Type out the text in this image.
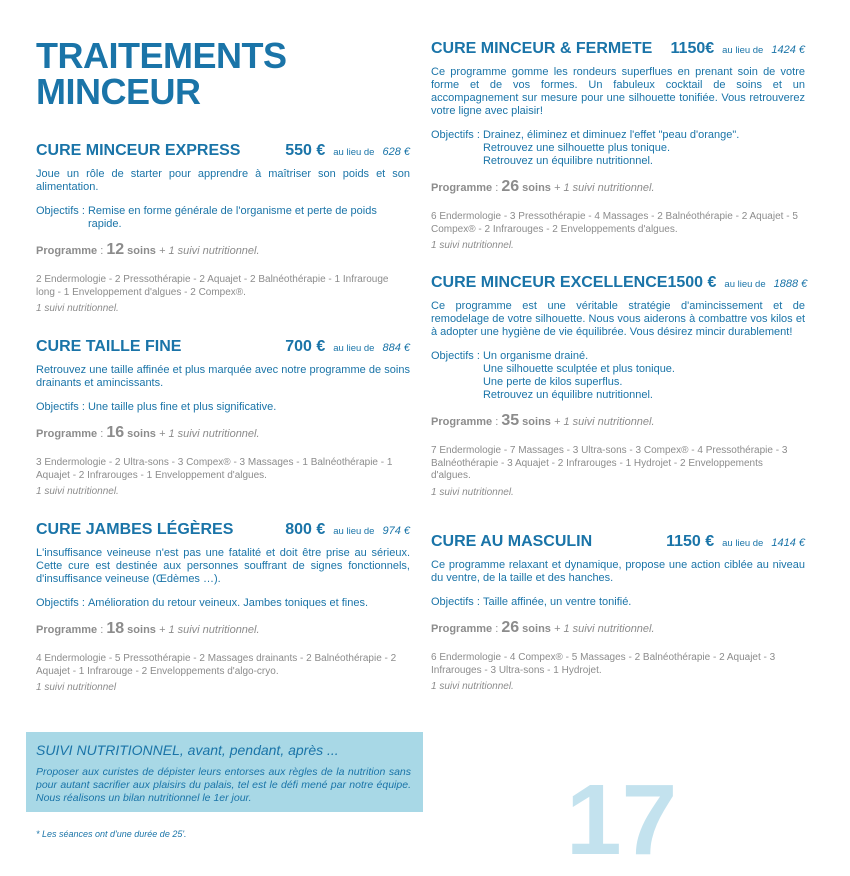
TRAITEMENTS
MINCEUR
CURE MINCEUR EXPRESS	550 € au lieu de 628 €
Joue un rôle de starter pour apprendre à maîtriser son poids et son alimentation.
Objectifs : Remise en forme générale de l'organisme et perte de poids rapide.
Programme : 12 soins + 1 suivi nutritionnel.
2 Endermologie - 2 Pressothérapie - 2 Aquajet - 2 Balnéothérapie - 1 Infrarouge long - 1 Enveloppement d'algues - 2 Compex®.
1 suivi nutritionnel.
CURE TAILLE FINE	700 € au lieu de 884 €
Retrouvez une taille affinée et plus marquée avec notre programme de soins drainants et amincissants.
Objectifs : Une taille plus fine et plus significative.
Programme : 16 soins + 1 suivi nutritionnel.
3 Endermologie - 2 Ultra-sons - 3 Compex® - 3 Massages - 1 Balnéothérapie - 1 Aquajet - 2 Infrarouges - 1 Enveloppement d'algues.
1 suivi nutritionnel.
CURE JAMBES LÉGÈRES	800 € au lieu de 974 €
L'insuffisance veineuse n'est pas une fatalité et doit être prise au sérieux. Cette cure est destinée aux personnes souffrant de signes fonctionnels, d'insuffisance veineuse (Œdèmes …).
Objectifs : Amélioration du retour veineux. Jambes toniques et fines.
Programme : 18 soins + 1 suivi nutritionnel.
4 Endermologie - 5 Pressothérapie - 2 Massages drainants - 2 Balnéothérapie - 2 Aquajet - 1 Infrarouge - 2 Enveloppements d'algo-cryo.
1 suivi nutritionnel
CURE MINCEUR & FERMETE 1150€ au lieu de 1424 €
Ce programme gomme les rondeurs superflues en prenant soin de votre forme et de vos formes. Un fabuleux cocktail de soins et un accompagnement sur mesure pour une silhouette tonifiée. Vous retrouverez votre ligne avec plaisir!
Objectifs : Drainez, éliminez et diminuez l'effet "peau d'orange".
Retrouvez une silhouette plus tonique.
Retrouvez un équilibre nutritionnel.
Programme : 26 soins + 1 suivi nutritionnel.
6 Endermologie - 3 Pressothérapie - 4 Massages - 2 Balnéothérapie - 2 Aquajet - 5 Compex® - 2 Infrarouges - 2 Enveloppements d'algues.
1 suivi nutritionnel.
CURE MINCEUR EXCELLENCE 1500 € au lieu de 1888 €
Ce programme est une véritable stratégie d'amincissement et de remodelage de votre silhouette. Nous vous aiderons à combattre vos kilos et à adopter une hygiène de vie équilibrée. Vous désirez mincir durablement!
Objectifs : Un organisme drainé.
Une silhouette sculptée et plus tonique.
Une perte de kilos superflus.
Retrouvez un équilibre nutritionnel.
Programme : 35 soins + 1 suivi nutritionnel.
7 Endermologie - 7 Massages - 3 Ultra-sons - 3 Compex® - 4 Pressothérapie - 3 Balnéothérapie - 3 Aquajet - 2 Infrarouges - 1 Hydrojet - 2 Enveloppements d'algues.
1 suivi nutritionnel.
CURE AU MASCULIN	1150 € au lieu de 1414 €
Ce programme relaxant et dynamique, propose une action ciblée au niveau du ventre, de la taille et des hanches.
Objectifs : Taille affinée, un ventre tonifié.
Programme : 26 soins + 1 suivi nutritionnel.
6 Endermologie - 4 Compex® - 5 Massages - 2 Balnéothérapie - 2 Aquajet - 3 Infrarouges - 3 Ultra-sons - 1 Hydrojet.
1 suivi nutritionnel.
SUIVI NUTRITIONNEL, avant, pendant, après ...
Proposer aux curistes de dépister leurs entorses aux règles de la nutrition sans pour autant sacrifier aux plaisirs du palais, tel est le défi mené par notre équipe. Nous réalisons un bilan nutritionnel le 1er jour.
* Les séances ont d'une durée de 25'.	17
